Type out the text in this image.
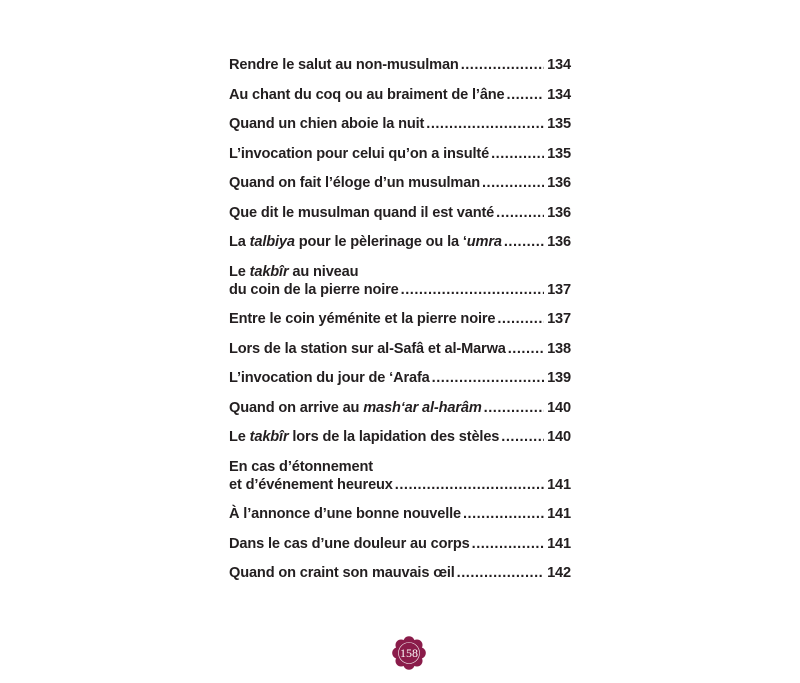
Rendre le salut au non-musulman .....	134
Au chant du coq ou au braiment de l’âne .....	134
Quand un chien aboie la nuit .....	135
L’invocation pour celui qu’on a insulté .....	135
Quand on fait l’éloge d’un musulman .....	136
Que dit le musulman quand il est vanté .....	136
La talbiya pour le pèlerinage ou la ‘umra .....	136
Le takbîr au niveau
du coin de la pierre noire .....	137
Entre le coin yéménite et la pierre noire .....	137
Lors de la station sur al-Safâ et al-Marwa .....	138
L’invocation du jour de ‘Arafa .....	139
Quand on arrive au mash‘ar al-harâm .....	140
Le takbîr lors de la lapidation des stèles .....	140
En cas d’étonnement
et d’événement heureux .....	141
À l’annonce d’une bonne nouvelle .....	141
Dans le cas d’une douleur au corps .....	141
Quand on craint son mauvais œil .....	142
158
